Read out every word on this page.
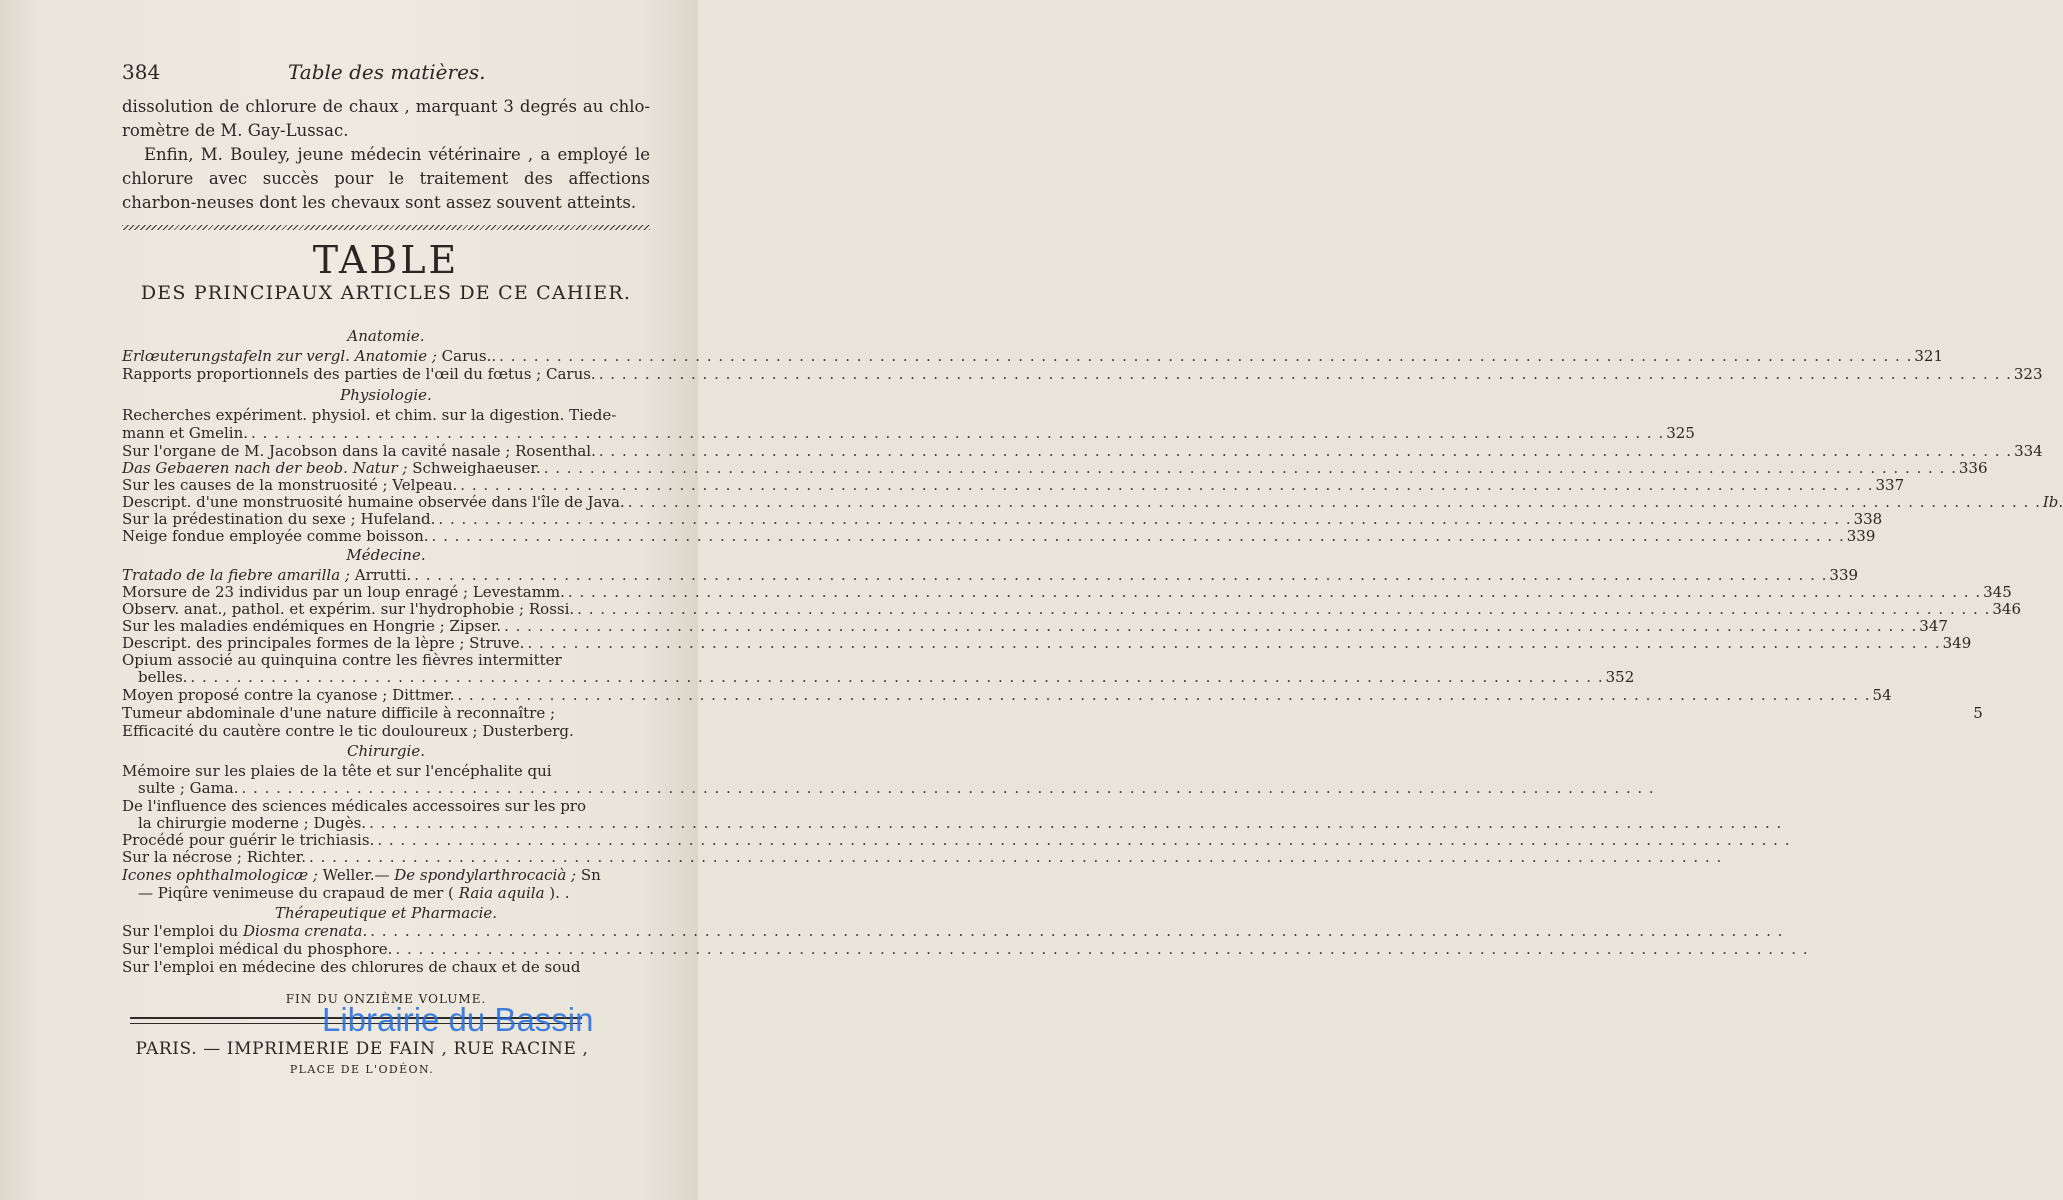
384	Table des matières.

dissolution de chlorure de chaux , marquant 3 degrés au chlo-romètre de M. Gay-Lussac.

Enfin, M. Bouley, jeune médecin vétérinaire , a employé le chlorure avec succès pour le traitement des affections charbon-neuses dont les chevaux sont assez souvent atteints.

TABLE
DES PRINCIPAUX ARTICLES DE CE CAHIER.
Anatomie.
Erlœuterungstafeln zur vergl. Anatomie ; Carus.. . . .	321
Rapports proportionnels des parties de l'œil du fœtus ; Carus. . . .	323
Physiologie.
Recherches expériment. physiol. et chim. sur la digestion. Tiede-
mann et Gmelin. . . .	325
Sur l'organe de M. Jacobson dans la cavité nasale ; Rosenthal. . . .	334
Das Gebaeren nach der beob. Natur ; Schweighaeuser. . . .	336
Sur les causes de la monstruosité ; Velpeau. . . .	337
Descript. d'une monstruosité humaine observée dans l'île de Java. . . .	Ib.
Sur la prédestination du sexe ; Hufeland. . . .	338
Neige fondue employée comme boisson. . . .	339
Médecine.
Tratado de la fiebre amarilla ; Arrutti. . . .	339
Morsure de 23 individus par un loup enragé ; Levestamm. . . .	345
Observ. anat., pathol. et expérim. sur l'hydrophobie ; Rossi. . . .	346
Sur les maladies endémiques en Hongrie ; Zipser. . . .	347
Descript. des principales formes de la lèpre ; Struve. . . .	349
Opium associé au quinquina contre les fièvres intermitter
belles. . . .	352
Moyen proposé contre la cyanose ; Dittmer. . . .	54
Tumeur abdominale d'une nature difficile à reconnaître ;	5
Efficacité du cautère contre le tic douloureux ; Dusterberg.
Chirurgie.
Mémoire sur les plaies de la tête et sur l'encéphalite qui
sulte ; Gama.
. . .
De l'influence des sciences médicales accessoires sur les pro
la chirurgie moderne ; Dugès.
. . .
Procédé pour guérir le trichiasis.
. . .
Sur la nécrose ; Richter.
. . .
Icones ophthalmologicæ ; Weller.— De spondylarthrocacià ; Sn
— Piqûre venimeuse du crapaud de mer ( Raia aquila ). .
Thérapeutique et Pharmacie.
Sur l'emploi du Diosma crenata.
. . .
Sur l'emploi médical du phosphore.
. . .
Sur l'emploi en médecine des chlorures de chaux et de soud
FIN DU ONZIÈME VOLUME.
PARIS. — IMPRIMERIE DE FAIN , RUE RACINE ,
PLACE DE L'ODÉON.
Librairie du Bassin
